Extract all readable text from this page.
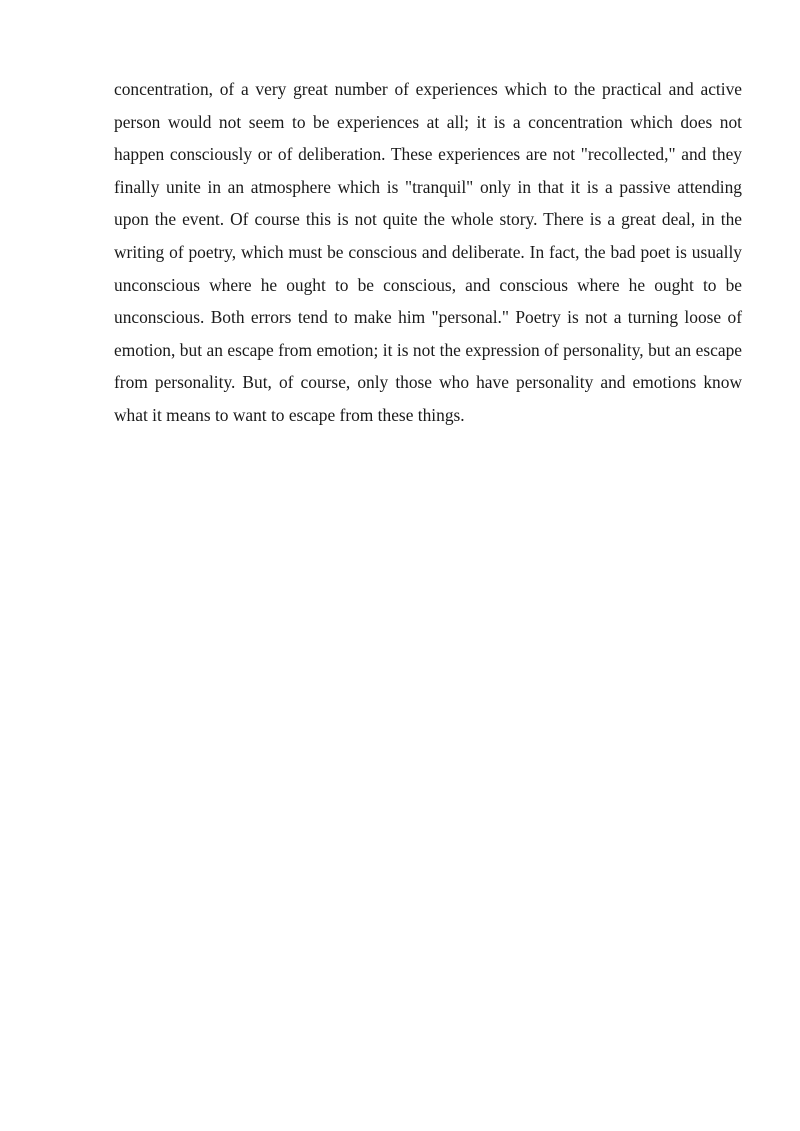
concentration, of a very great number of experiences which to the practical and active person would not seem to be experiences at all; it is a concentration which does not happen consciously or of deliberation. These experiences are not "recollected," and they finally unite in an atmosphere which is "tranquil" only in that it is a passive attending upon the event. Of course this is not quite the whole story. There is a great deal, in the writing of poetry, which must be conscious and deliberate. In fact, the bad poet is usually unconscious where he ought to be conscious, and conscious where he ought to be unconscious. Both errors tend to make him "personal." Poetry is not a turning loose of emotion, but an escape from emotion; it is not the expression of personality, but an escape from personality. But, of course, only those who have personality and emotions know what it means to want to escape from these things.
